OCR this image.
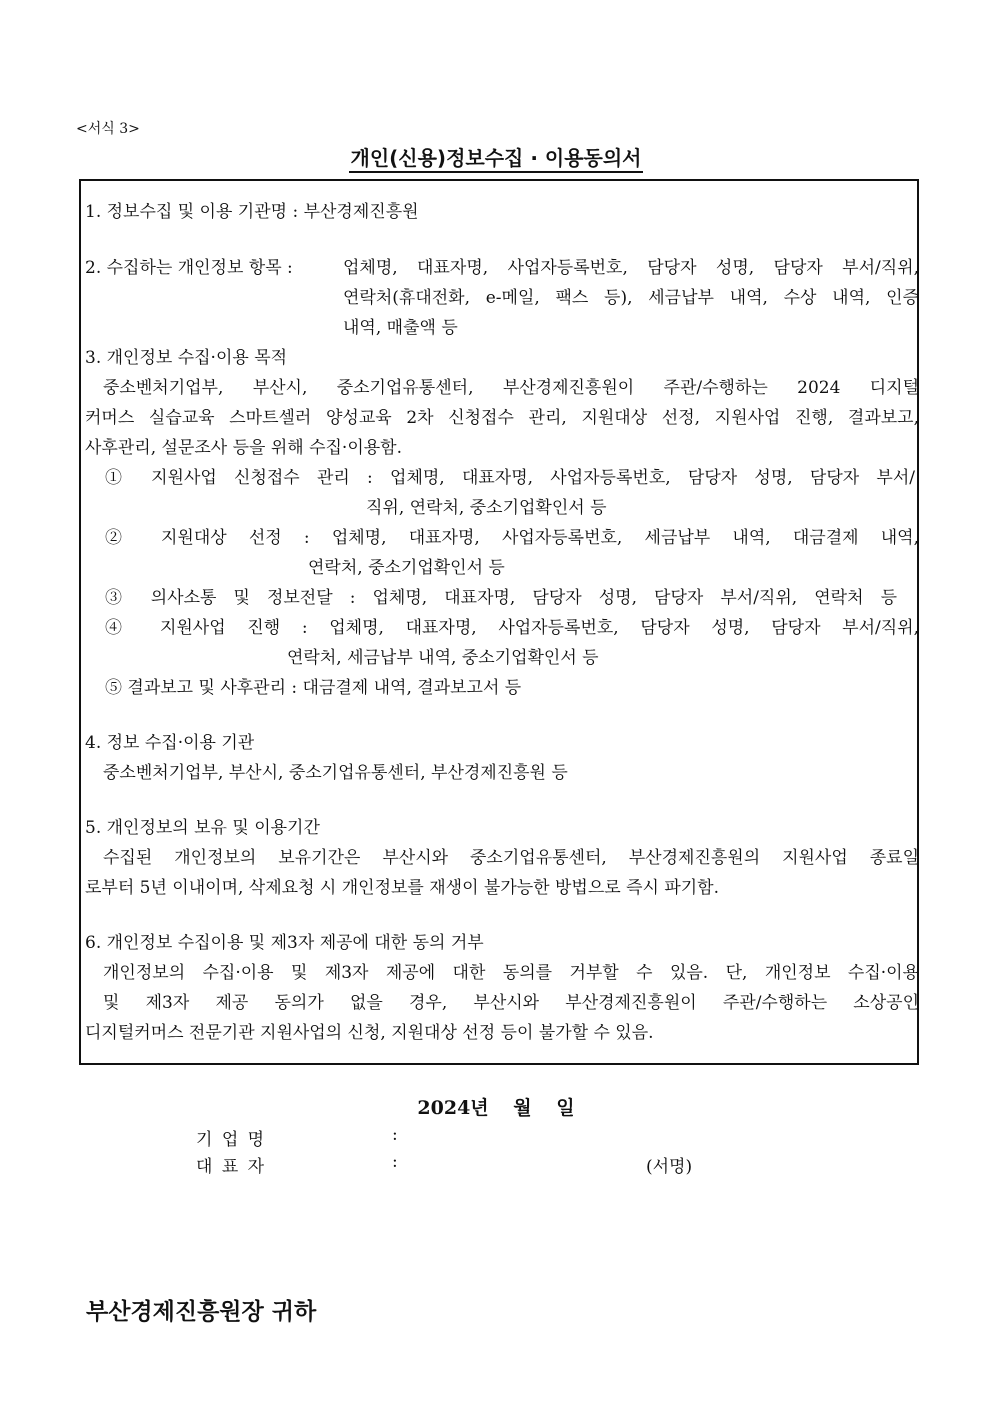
<서식 3>
개인(신용)정보수집 · 이용동의서
1. 정보수집 및 이용 기관명 : 부산경제진흥원
2. 수집하는 개인정보 항목 :	업체명, 대표자명, 사업자등록번호, 담당자 성명, 담당자 부서/직위,
연락처(휴대전화, e-메일, 팩스 등), 세금납부 내역, 수상 내역, 인증
내역, 매출액 등
3. 개인정보 수집·이용 목적
중소벤처기업부, 부산시, 중소기업유통센터, 부산경제진흥원이 주관/수행하는 2024 디지털
커머스 실습교육 스마트셀러 양성교육 2차 신청접수 관리, 지원대상 선정, 지원사업 진행, 결과보고,
사후관리, 설문조사 등을 위해 수집·이용함.
① 지원사업 신청접수 관리 : 업체명, 대표자명, 사업자등록번호, 담당자 성명, 담당자 부서/
직위, 연락처, 중소기업확인서 등
② 지원대상 선정 : 업체명, 대표자명, 사업자등록번호, 세금납부 내역, 대금결제 내역,
연락처, 중소기업확인서 등
③ 의사소통 및 정보전달 : 업체명, 대표자명, 담당자 성명, 담당자 부서/직위, 연락처 등
④ 지원사업 진행 : 업체명, 대표자명, 사업자등록번호, 담당자 성명, 담당자 부서/직위,
연락처, 세금납부 내역, 중소기업확인서 등
⑤ 결과보고 및 사후관리 : 대금결제 내역, 결과보고서 등
4. 정보 수집·이용 기관
중소벤처기업부, 부산시, 중소기업유통센터, 부산경제진흥원 등
5. 개인정보의 보유 및 이용기간
수집된 개인정보의 보유기간은 부산시와 중소기업유통센터, 부산경제진흥원의 지원사업 종료일
로부터 5년 이내이며, 삭제요청 시 개인정보를 재생이 불가능한 방법으로 즉시 파기함.
6. 개인정보 수집이용 및 제3자 제공에 대한 동의 거부
개인정보의 수집·이용 및 제3자 제공에 대한 동의를 거부할 수 있음. 단, 개인정보 수집·이용
및 제3자 제공 동의가 없을 경우, 부산시와 부산경제진흥원이 주관/수행하는 소상공인
디지털커머스 전문기관 지원사업의 신청, 지원대상 선정 등이 불가할 수 있음.
2024년 월 일
기 업 명	:
대 표 자	:	(서명)
부산경제진흥원장 귀하
